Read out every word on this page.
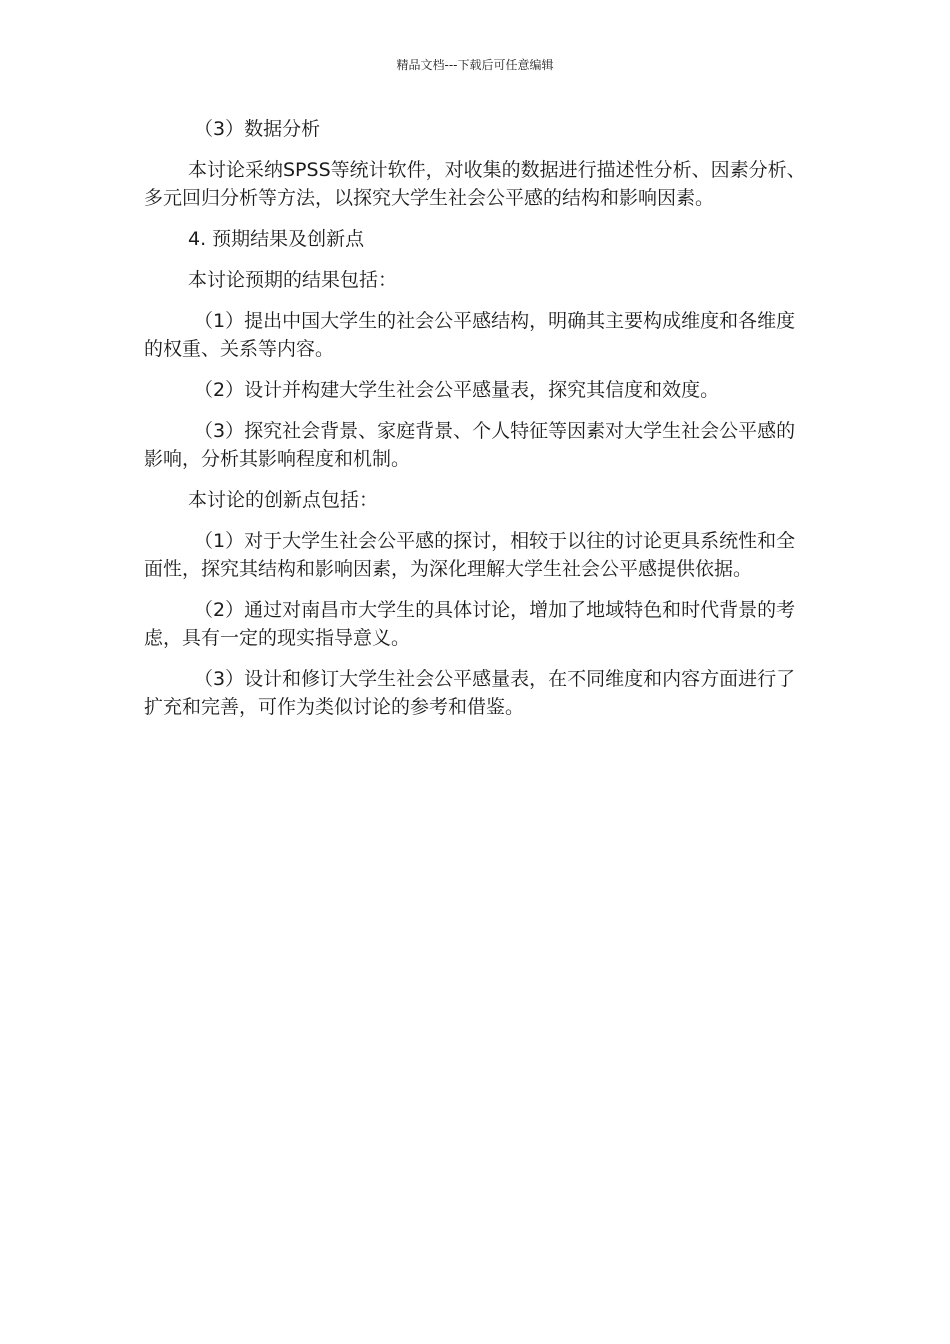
精品文档---下载后可任意编辑

（3）数据分析

本讨论采纳SPSS等统计软件，对收集的数据进行描述性分析、因素分析、多元回归分析等方法，以探究大学生社会公平感的结构和影响因素。

4. 预期结果及创新点

本讨论预期的结果包括：

（1）提出中国大学生的社会公平感结构，明确其主要构成维度和各维度的权重、关系等内容。

（2）设计并构建大学生社会公平感量表，探究其信度和效度。

（3）探究社会背景、家庭背景、个人特征等因素对大学生社会公平感的影响，分析其影响程度和机制。

本讨论的创新点包括：

（1）对于大学生社会公平感的探讨，相较于以往的讨论更具系统性和全面性，探究其结构和影响因素，为深化理解大学生社会公平感提供依据。

（2）通过对南昌市大学生的具体讨论，增加了地域特色和时代背景的考虑，具有一定的现实指导意义。

（3）设计和修订大学生社会公平感量表，在不同维度和内容方面进行了扩充和完善，可作为类似讨论的参考和借鉴。
